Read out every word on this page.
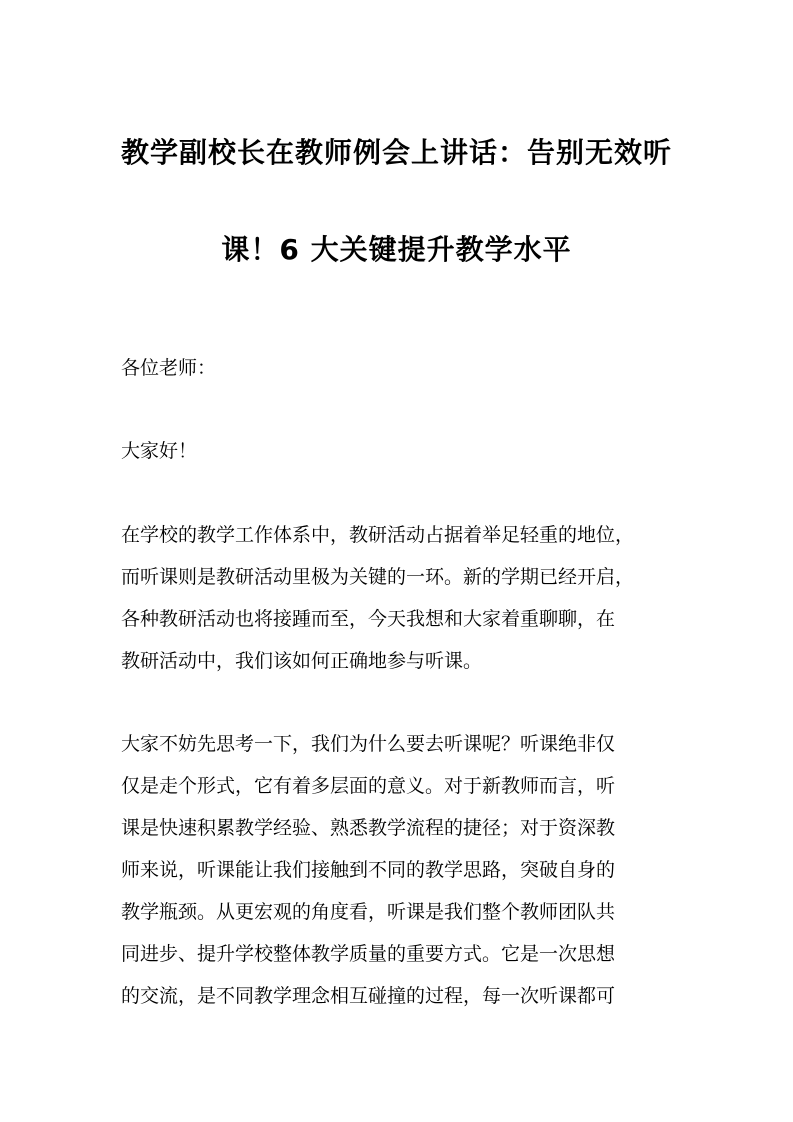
教学副校长在教师例会上讲话：告别无效听
课！6 大关键提升教学水平
各位老师：
大家好！
在学校的教学工作体系中，教研活动占据着举足轻重的地位，
而听课则是教研活动里极为关键的一环。新的学期已经开启，
各种教研活动也将接踵而至，今天我想和大家着重聊聊，在
教研活动中，我们该如何正确地参与听课。
大家不妨先思考一下，我们为什么要去听课呢？听课绝非仅
仅是走个形式，它有着多层面的意义。对于新教师而言，听
课是快速积累教学经验、熟悉教学流程的捷径；对于资深教
师来说，听课能让我们接触到不同的教学思路，突破自身的
教学瓶颈。从更宏观的角度看，听课是我们整个教师团队共
同进步、提升学校整体教学质量的重要方式。它是一次思想
的交流，是不同教学理念相互碰撞的过程，每一次听课都可
